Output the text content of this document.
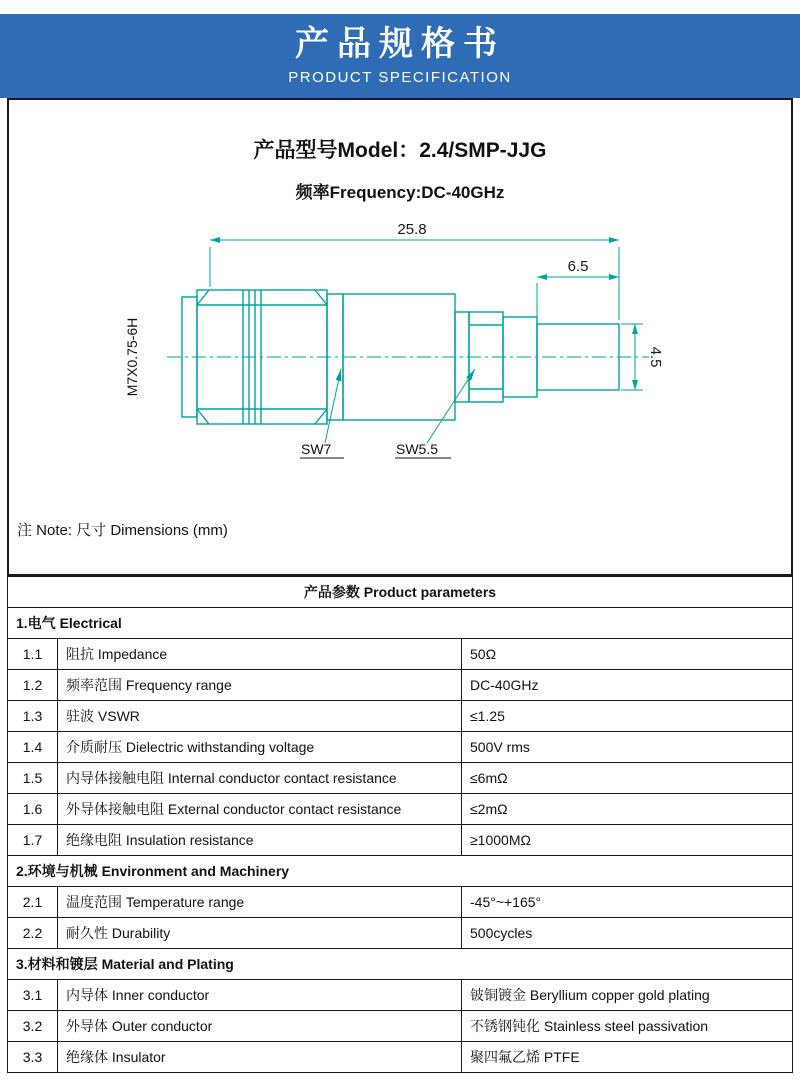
产品规格书
PRODUCT SPECIFICATION
产品型号Model：2.4/SMP-JJG
频率Frequency:DC-40GHz
25.8
6.5
4.5
M7X0.75-6H
SW7	SW5.5
注 Note: 尺寸 Dimensions (mm)
产品参数 Product parameters		
1.电气 Electrical		
1.1	阻抗 Impedance	50Ω
1.2	频率范围 Frequency range	DC-40GHz
1.3	驻波 VSWR	≤1.25
1.4	介质耐压 Dielectric withstanding voltage	500V rms
1.5	内导体接触电阻 Internal conductor contact resistance	≤6mΩ
1.6	外导体接触电阻 External conductor contact resistance	≤2mΩ
1.7	绝缘电阻 Insulation resistance	≥1000MΩ
2.环境与机械 Environment and Machinery		
2.1	温度范围 Temperature range	-45°~+165°
2.2	耐久性 Durability	500cycles
3.材料和镀层 Material and Plating		
3.1	内导体 Inner conductor	铍铜镀金 Beryllium copper gold plating
3.2	外导体 Outer conductor	不锈钢钝化 Stainless steel passivation
3.3	绝缘体 Insulator	聚四氟乙烯 PTFE
